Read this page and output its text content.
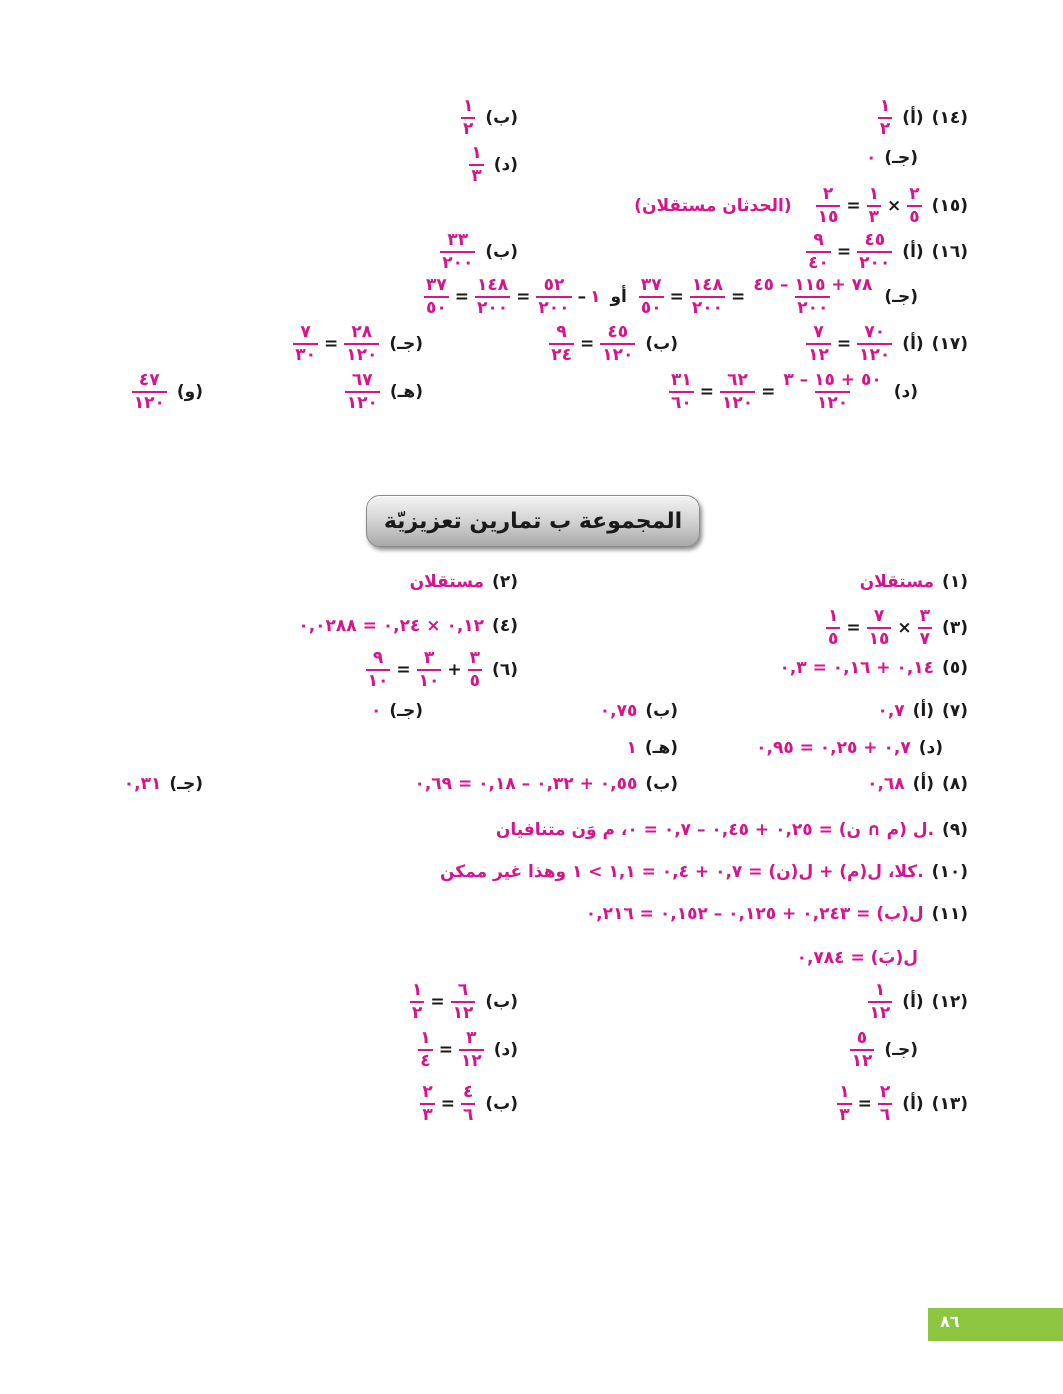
(١٤)
(أ)
١
٢
(ب)
١
٢
(جـ)
٠
(د)
١
٣
(١٥)
٢
٥
×
١
٣
=
٢
١٥
(الحدثان مستقلان)
(١٦)
(أ)
٤٥
٢٠٠
=
٩
٤٠
(ب)
٣٣
٢٠٠
(جـ)
٧٨ + ١١٥ – ٤٥
٢٠٠
=
١٤٨
٢٠٠
=
٣٧
٥٠
أو
١
–
٥٢
٢٠٠
=
١٤٨
٢٠٠
=
٣٧
٥٠
(١٧)
(أ)
٧٠
١٢٠
=
٧
١٢
(ب)
٤٥
١٢٠
=
٩
٢٤
(جـ)
٢٨
١٢٠
=
٧
٣٠
(د)
٥٠ + ١٥ – ٣
١٢٠
=
٦٢
١٢٠
=
٣١
٦٠
(هـ)
٦٧
١٢٠
(و)
٤٧
١٢٠
المجموعة ب تمارين تعزيزيّة
(١)
مستقلان
(٢)
مستقلان
(٣)
٣
٧
×
٧
١٥
=
١
٥
(٤)
٠,١٢ × ٠,٢٤ = ٠,٠٢٨٨
(٥)
٠,١٤ + ٠,١٦ = ٠,٣
(٦)
٣
٥
+
٣
١٠
=
٩
١٠
(٧)
(أ)
٠,٧
(ب)
٠,٧٥
(جـ)
٠
(د)
٠,٧ + ٠,٢٥ = ٠,٩٥
(هـ)
١
(٨)
(أ)
٠,٦٨
(ب)
٠,٥٥ + ٠,٣٢ – ٠,١٨ = ٠,٦٩
(جـ)
٠,٣١
(٩)
ل (م ∩ ن) = ٠,٢٥ + ٠,٤٥ – ٠,٧ = ٠، م وَن متنافيان.
(١٠)
كلا، ل(م) + ل(ن) = ٠,٧ + ٠,٤ = ١,١ > ١ وهذا غير ممكن.
(١١)
ل(ب) = ٠,٢٤٣ + ٠,١٢٥ – ٠,١٥٢ = ٠,٢١٦
ل(بَ) = ٠,٧٨٤
(١٢)
(أ)
١
١٢
(ب)
٦
١٢
=
١
٢
(جـ)
٥
١٢
(د)
٣
١٢
=
١
٤
(١٣)
(أ)
٢
٦
=
١
٣
(ب)
٤
٦
=
٢
٣
٨٦
